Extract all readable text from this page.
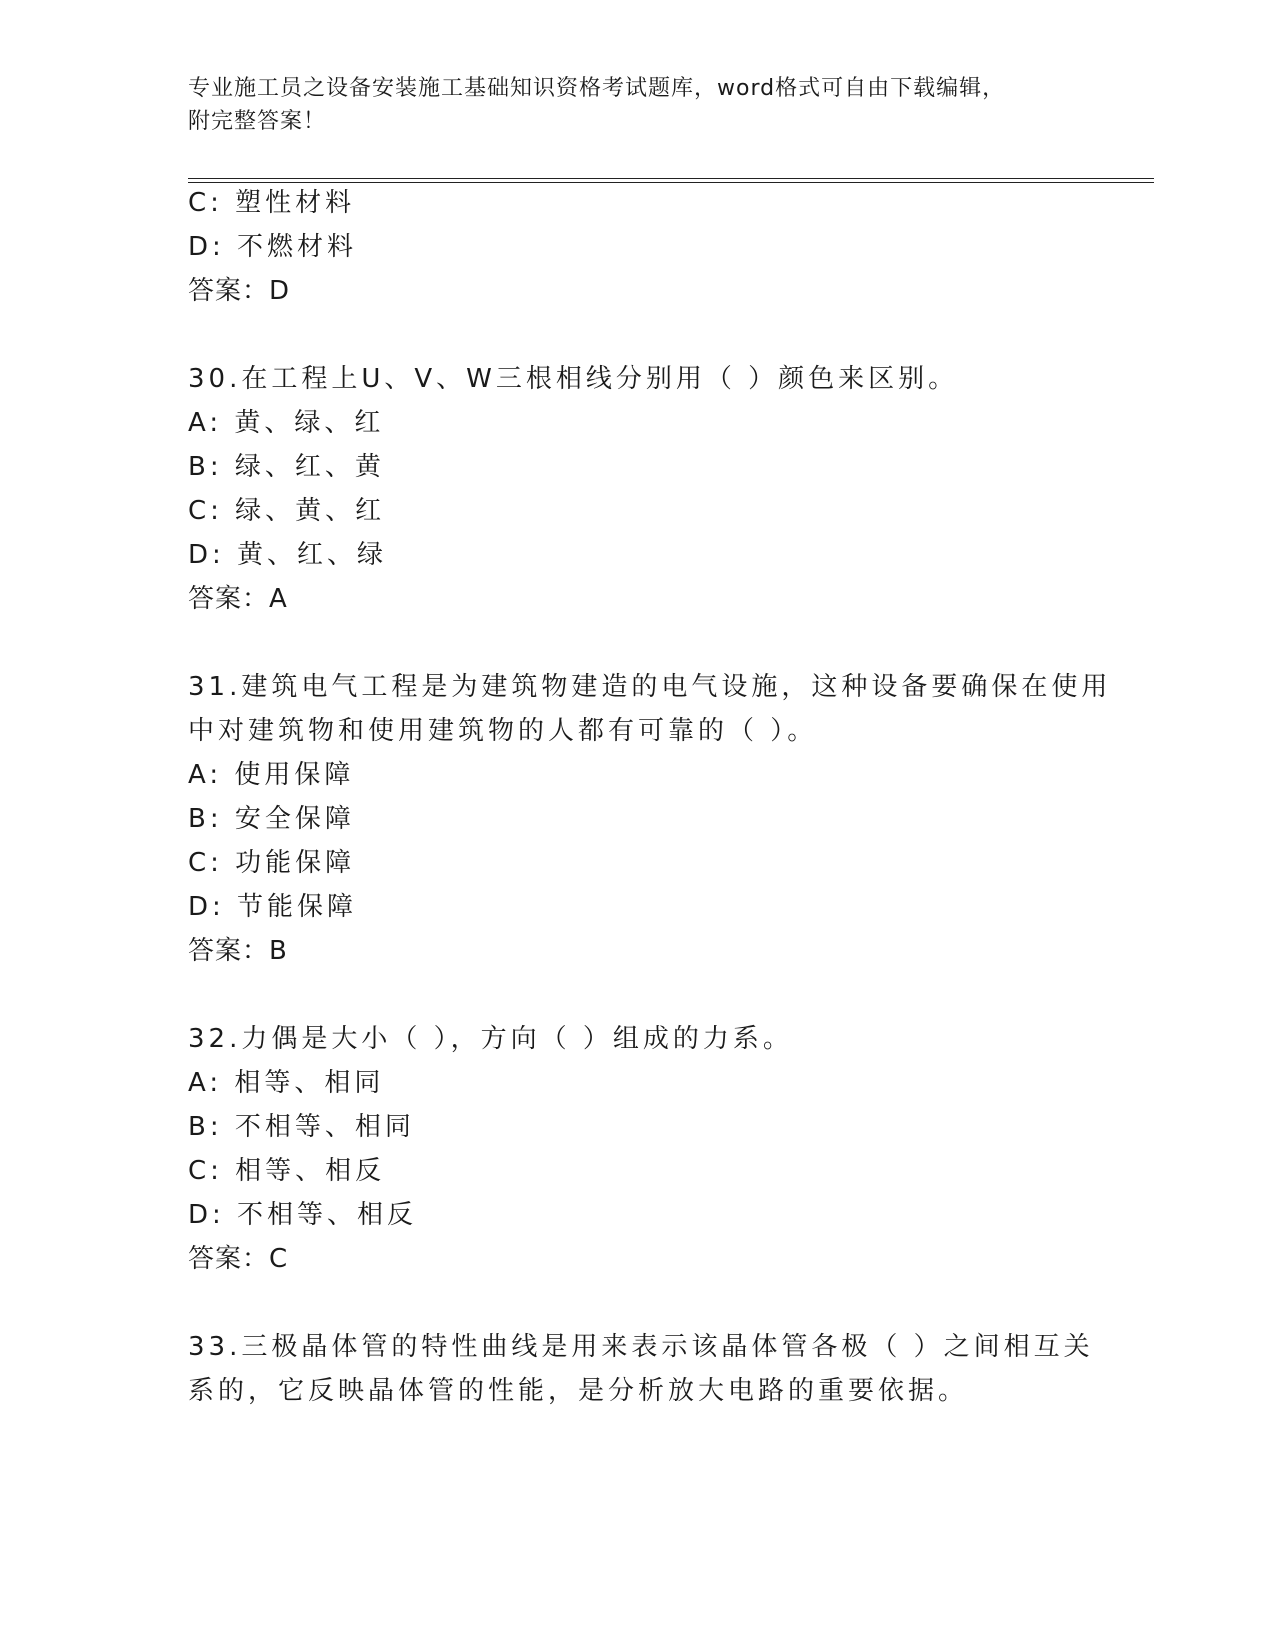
专业施工员之设备安装施工基础知识资格考试题库，word格式可自由下载编辑，
附完整答案！
C: 塑性材料
D: 不燃材料
答案：D
30.在工程上U、V、W三根相线分别用（ ）颜色来区别。
A: 黄、绿、红
B: 绿、红、黄
C: 绿、黄、红
D: 黄、红、绿
答案：A
31.建筑电气工程是为建筑物建造的电气设施，这种设备要确保在使用
中对建筑物和使用建筑物的人都有可靠的（ ）。
A: 使用保障
B: 安全保障
C: 功能保障
D: 节能保障
答案：B
32.力偶是大小（ ），方向（ ）组成的力系。
A: 相等、相同
B: 不相等、相同
C: 相等、相反
D: 不相等、相反
答案：C
33.三极晶体管的特性曲线是用来表示该晶体管各极（ ）之间相互关
系的，它反映晶体管的性能，是分析放大电路的重要依据。
